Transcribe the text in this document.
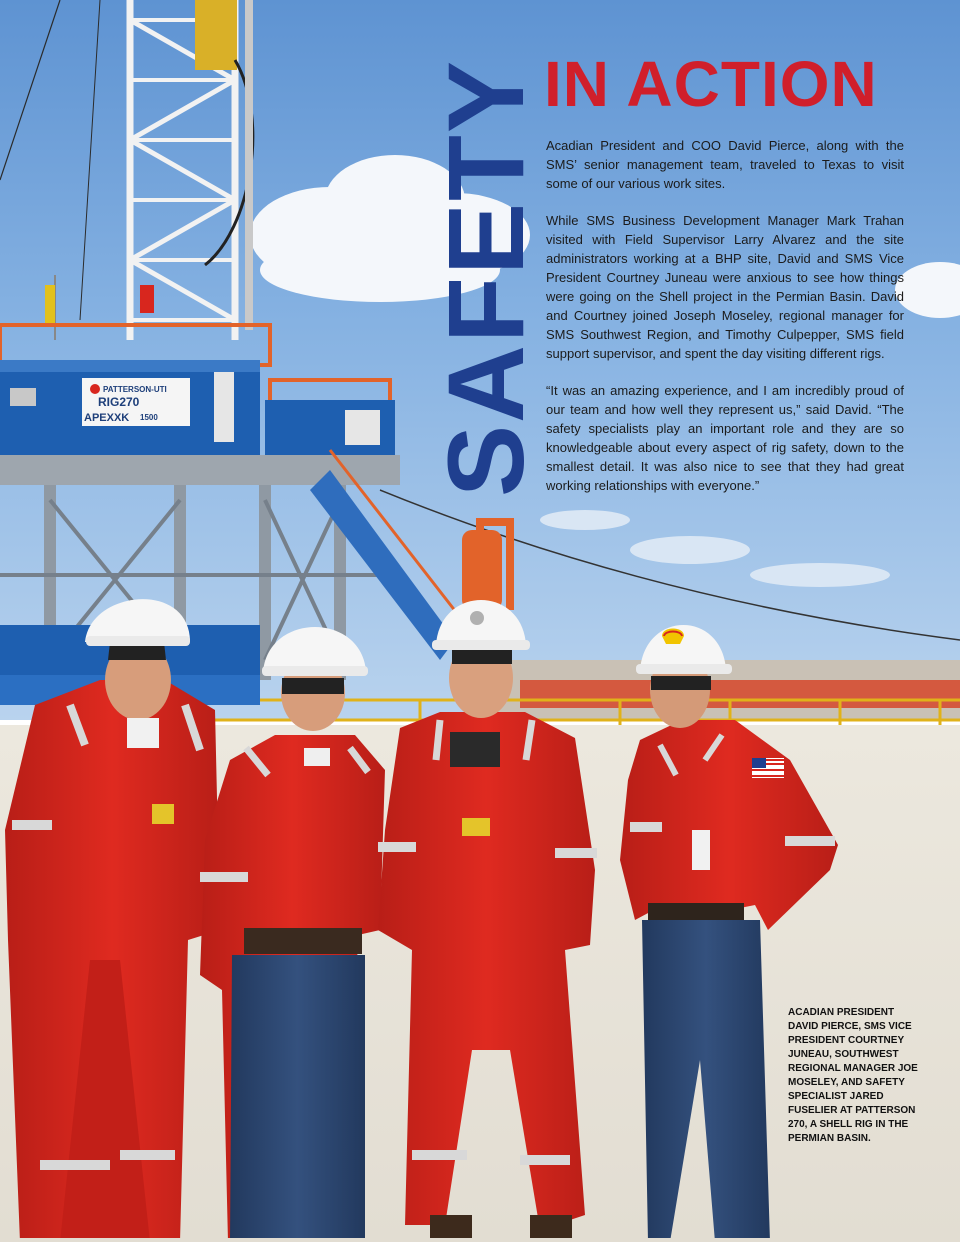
PATTERSON-UTI
RIG270
APEXXK 1500 SAFETY
IN ACTION

Acadian President and COO David Pierce, along with the SMS’ senior management team, traveled to Texas to visit some of our various work sites.

While SMS Business Development Manager Mark Trahan visited with Field Supervisor Larry Alvarez and the site administrators working at a BHP site, David and SMS Vice President Courtney Juneau were anxious to see how things were going on the Shell project in the Permian Basin. David and Courtney joined Joseph Moseley, regional manager for SMS Southwest Region, and Timothy Culpepper, SMS field support supervisor, and spent the day visiting different rigs.

“It was an amazing experience, and I am incredibly proud of our team and how well they represent us,” said David. “The safety specialists play an important role and they are so knowledgeable about every aspect of rig safety, down to the smallest detail. It was also nice to see that they had great working relationships with everyone.”

ACADIAN PRESIDENT DAVID PIERCE, SMS VICE PRESIDENT COURTNEY JUNEAU, SOUTHWEST REGIONAL MANAGER JOE MOSELEY, AND SAFETY SPECIALIST JARED FUSELIER AT PATTERSON 270, A SHELL RIG IN THE PERMIAN BASIN.
